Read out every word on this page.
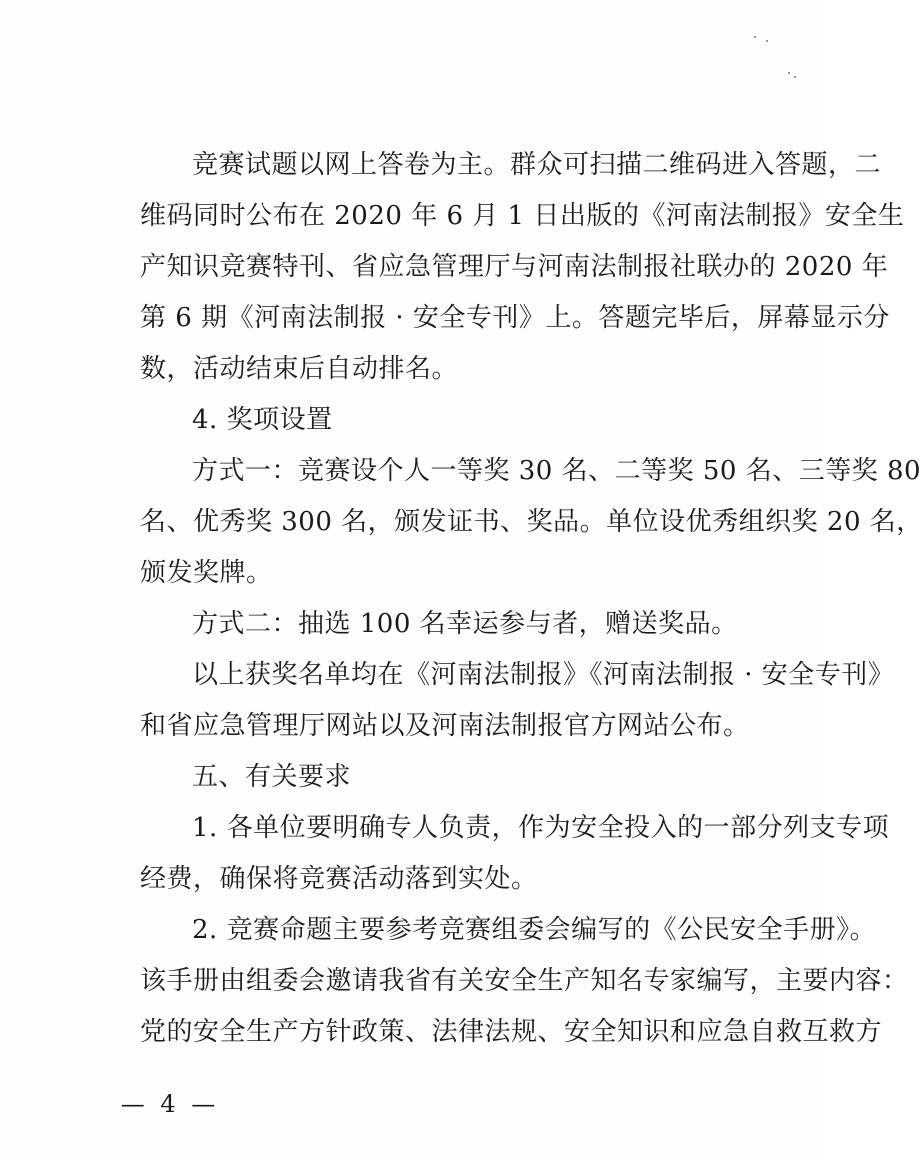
竞赛试题以网上答卷为主。群众可扫描二维码进入答题，二
维码同时公布在 2020 年 6 月 1 日出版的《河南法制报》安全生
产知识竞赛特刊、省应急管理厅与河南法制报社联办的 2020 年
第 6 期《河南法制报 · 安全专刊》上。答题完毕后，屏幕显示分
数，活动结束后自动排名。
4. 奖项设置
方式一：竞赛设个人一等奖 30 名、二等奖 50 名、三等奖 80
名、优秀奖 300 名，颁发证书、奖品。单位设优秀组织奖 20 名，
颁发奖牌。
方式二：抽选 100 名幸运参与者，赠送奖品。
以上获奖名单均在《河南法制报》《河南法制报 · 安全专刊》
和省应急管理厅网站以及河南法制报官方网站公布。
五、有关要求
1. 各单位要明确专人负责，作为安全投入的一部分列支专项
经费，确保将竞赛活动落到实处。
2. 竞赛命题主要参考竞赛组委会编写的《公民安全手册》。
该手册由组委会邀请我省有关安全生产知名专家编写，主要内容：
党的安全生产方针政策、法律法规、安全知识和应急自救互救方
— 4 —
